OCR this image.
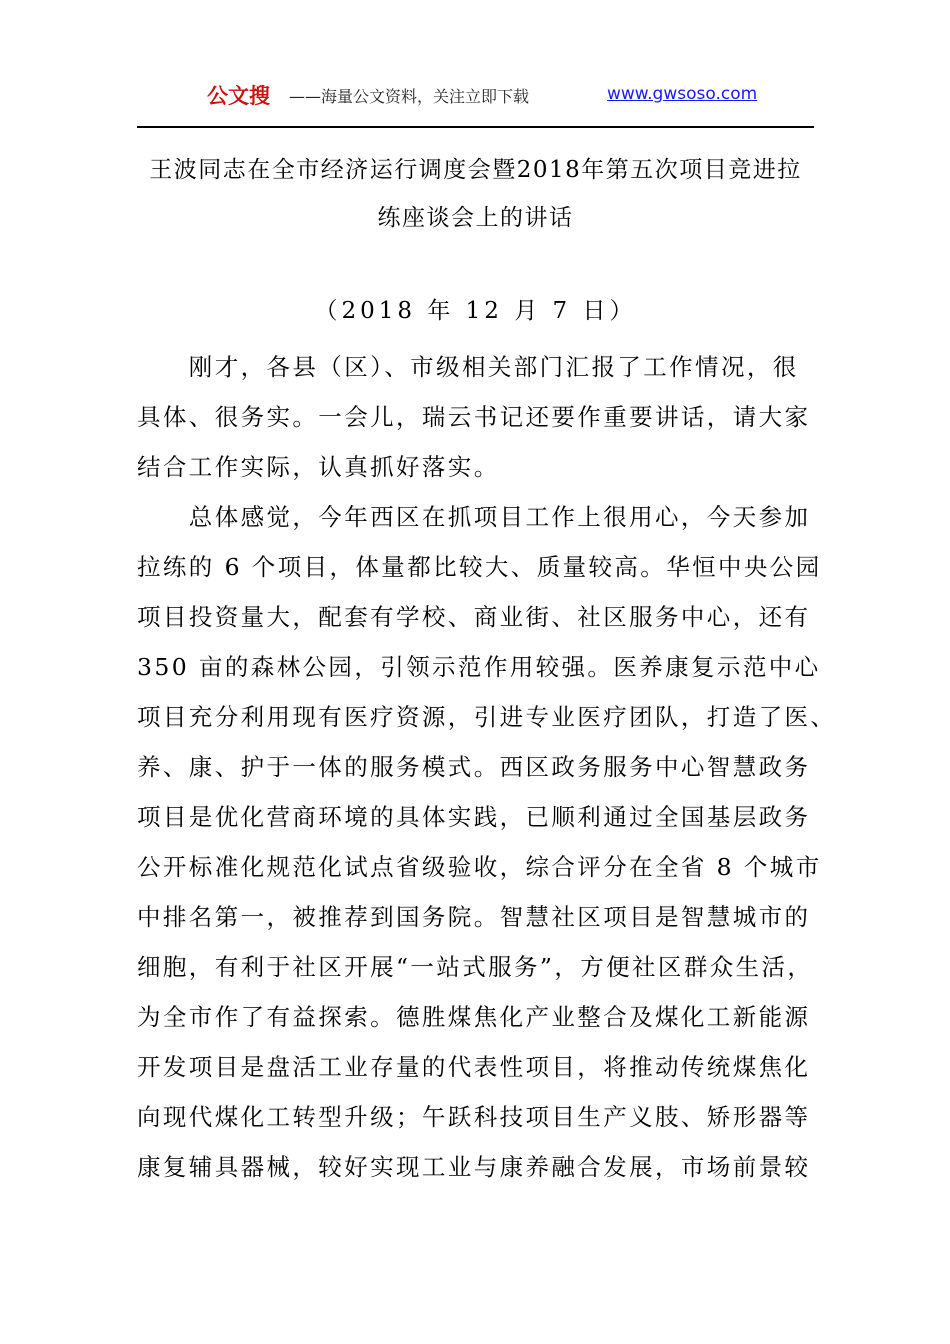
公文搜 ——海量公文资料，关注立即下载	www.gwsoso.com
王波同志在全市经济运行调度会暨2018年第五次项目竞进拉
练座谈会上的讲话
（2018 年 12 月 7 日）

　　刚才，各县（区）、市级相关部门汇报了工作情况，很
具体、很务实。一会儿，瑞云书记还要作重要讲话，请大家
结合工作实际，认真抓好落实。

　　总体感觉，今年西区在抓项目工作上很用心，今天参加
拉练的 6 个项目，体量都比较大、质量较高。华恒中央公园
项目投资量大，配套有学校、商业街、社区服务中心，还有
350 亩的森林公园，引领示范作用较强。医养康复示范中心
项目充分利用现有医疗资源，引进专业医疗团队，打造了医、
养、康、护于一体的服务模式。西区政务服务中心智慧政务
项目是优化营商环境的具体实践，已顺利通过全国基层政务
公开标准化规范化试点省级验收，综合评分在全省 8 个城市
中排名第一，被推荐到国务院。智慧社区项目是智慧城市的
细胞，有利于社区开展“一站式服务”，方便社区群众生活，
为全市作了有益探索。德胜煤焦化产业整合及煤化工新能源
开发项目是盘活工业存量的代表性项目，将推动传统煤焦化
向现代煤化工转型升级；午跃科技项目生产义肢、矫形器等
康复辅具器械，较好实现工业与康养融合发展，市场前景较
